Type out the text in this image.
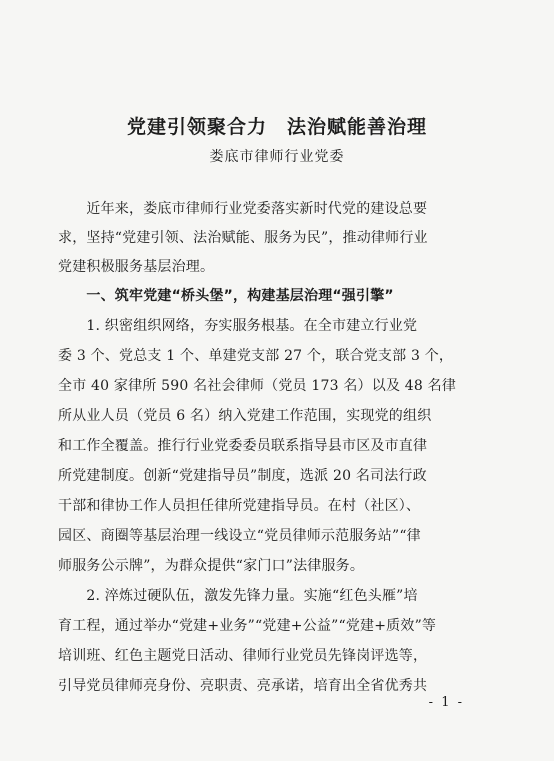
党建引领聚合力　法治赋能善治理
娄底市律师行业党委
　　近年来，娄底市律师行业党委落实新时代党的建设总要
求，坚持“党建引领、法治赋能、服务为民”，推动律师行业
党建积极服务基层治理。
　　一、筑牢党建“桥头堡”，构建基层治理“强引擎”
　　1. 织密组织网络，夯实服务根基。在全市建立行业党
委 3 个、党总支 1 个、单建党支部 27 个，联合党支部 3 个，
全市 40 家律所 590 名社会律师（党员 173 名）以及 48 名律
所从业人员（党员 6 名）纳入党建工作范围，实现党的组织
和工作全覆盖。推行行业党委委员联系指导县市区及市直律
所党建制度。创新“党建指导员”制度，选派 20 名司法行政
干部和律协工作人员担任律所党建指导员。在村（社区）、
园区、商圈等基层治理一线设立“党员律师示范服务站”“律
师服务公示牌”，为群众提供“家门口”法律服务。
　　2. 淬炼过硬队伍，激发先锋力量。实施“红色头雁”培
育工程，通过举办“党建+业务”“党建+公益”“党建+质效”等
培训班、红色主题党日活动、律师行业党员先锋岗评选等，
引导党员律师亮身份、亮职责、亮承诺，培育出全省优秀共
- 1 -
